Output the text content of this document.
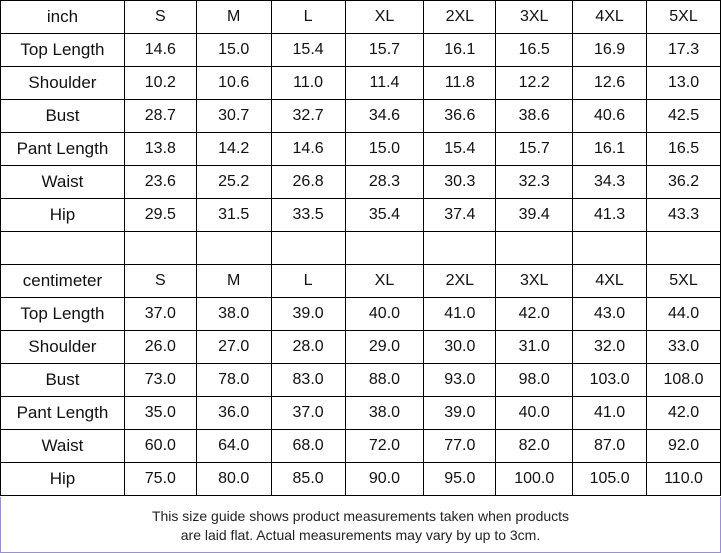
inch	S	M	L	XL	2XL	3XL	4XL	5XL
Top Length	14.6	15.0	15.4	15.7	16.1	16.5	16.9	17.3
Shoulder	10.2	10.6	11.0	11.4	11.8	12.2	12.6	13.0
Bust	28.7	30.7	32.7	34.6	36.6	38.6	40.6	42.5
Pant Length	13.8	14.2	14.6	15.0	15.4	15.7	16.1	16.5
Waist	23.6	25.2	26.8	28.3	30.3	32.3	34.3	36.2
Hip	29.5	31.5	33.5	35.4	37.4	39.4	41.3	43.3

centimeter	S	M	L	XL	2XL	3XL	4XL	5XL
Top Length	37.0	38.0	39.0	40.0	41.0	42.0	43.0	44.0
Shoulder	26.0	27.0	28.0	29.0	30.0	31.0	32.0	33.0
Bust	73.0	78.0	83.0	88.0	93.0	98.0	103.0	108.0
Pant Length	35.0	36.0	37.0	38.0	39.0	40.0	41.0	42.0
Waist	60.0	64.0	68.0	72.0	77.0	82.0	87.0	92.0
Hip	75.0	80.0	85.0	90.0	95.0	100.0	105.0	110.0
This size guide shows product measurements taken when products
are laid flat. Actual measurements may vary by up to 3cm.
